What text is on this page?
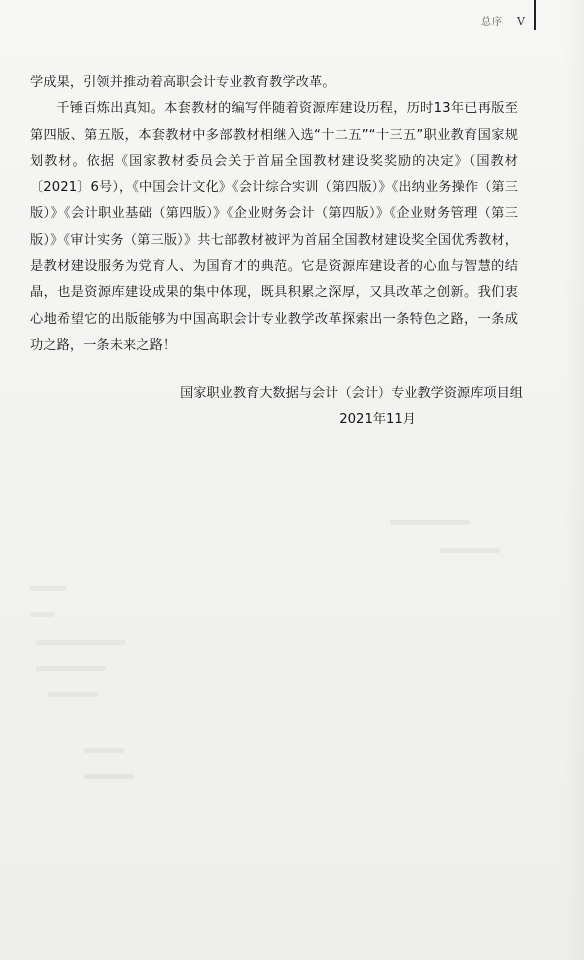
总序 V

学成果，引领并推动着高职会计专业教育教学改革。

千锤百炼出真知。本套教材的编写伴随着资源库建设历程，历时13年已再版至第四版、第五版，本套教材中多部教材相继入选“十二五”“十三五”职业教育国家规划教材。依据《国家教材委员会关于首届全国教材建设奖奖励的决定》（国教材〔2021〕6号），《中国会计文化》《会计综合实训（第四版）》《出纳业务操作（第三版）》《会计职业基础（第四版）》《企业财务会计（第四版）》《企业财务管理（第三版）》《审计实务（第三版）》共七部教材被评为首届全国教材建设奖全国优秀教材，是教材建设服务为党育人、为国育才的典范。它是资源库建设者的心血与智慧的结晶，也是资源库建设成果的集中体现，既具积累之深厚，又具改革之创新。我们衷心地希望它的出版能够为中国高职会计专业教学改革探索出一条特色之路，一条成功之路，一条未来之路！

国家职业教育大数据与会计（会计）专业教学资源库项目组
2021年11月
